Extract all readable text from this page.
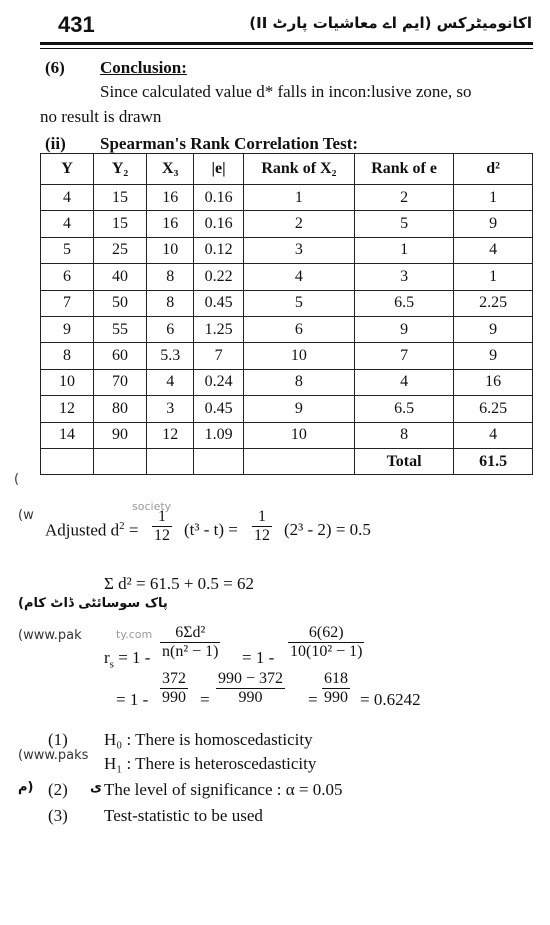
431	اکانومیٹرکس (ایم اے معاشیات پارٹ II)
(6) Conclusion:
Since calculated value d* falls in incon:lusive zone, so
no result is drawn
(ii) Spearman's Rank Correlation Test:
Y	Y₂	X₃	|e|	Rank of X₂	Rank of e	d²
4	15	16	0.16	1	2	1
4	15	16	0.16	2	5	9
5	25	10	0.12	3	1	4
6	40	8	0.22	4	3	1
7	50	8	0.45	5	6.5	2.25
9	55	6	1.25	6	9	9
8	60	5.3	7	10	7	9
10	70	4	0.24	8	4	16
12	80	3	0.45	9	6.5	6.25
14	90	12	1.09	10	8	4
					Total	61.5
(
(w
society
پاک سوسائٹی ڈاٹ کام)
(www.pak	ty.com
(www.paks
(م	ی
Adjusted $d^2 = \frac{1}{12} (t^3 - t) = \frac{1}{12} (2^3 - 2) = 0.5$
Σ d² = 61.5 + 0.5 = 62
$r_s = 1 - \frac{\text{6Σd²}}{\text{n(n² − 1)}} = 1 - \frac{6(62)}{\text{10(10² − 1)}}$
= $1 - \frac{372}{990} = \frac{990 - 372}{990} = \frac{618}{990} = 0.6242$
(1) H₀ : There is homoscedasticity
H₁ : There is heteroscedasticity
(2) The level of significance : α = 0.05
(3) Test-statistic to be used
